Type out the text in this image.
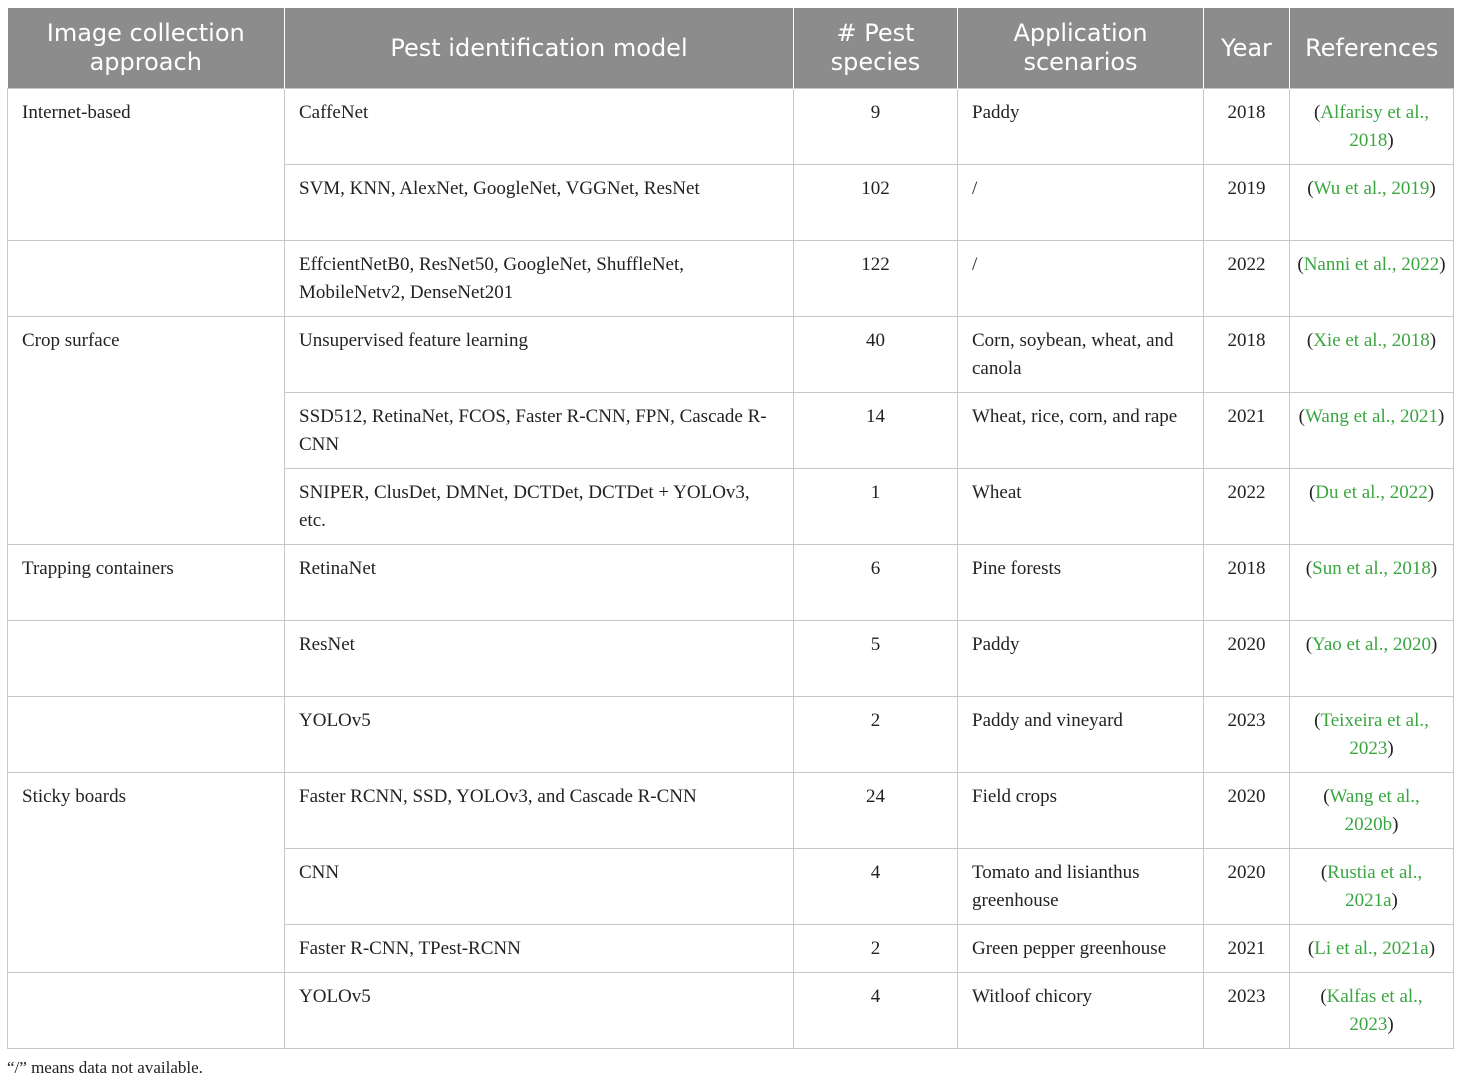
Image collection approach	Pest identification model	# Pest species	Application scenarios	Year	References
Internet-based	CaffeNet	9	Paddy	2018	(Alfarisy et al., 2018)
	SVM, KNN, AlexNet, GoogleNet, VGGNet, ResNet	102	/	2019	(Wu et al., 2019)
	EffcientNetB0, ResNet50, GoogleNet, ShuffleNet, MobileNetv2, DenseNet201	122	/	2022	(Nanni et al., 2022)
Crop surface	Unsupervised feature learning	40	Corn, soybean, wheat, and canola	2018	(Xie et al., 2018)
	SSD512, RetinaNet, FCOS, Faster R-CNN, FPN, Cascade R-CNN	14	Wheat, rice, corn, and rape	2021	(Wang et al., 2021)
	SNIPER, ClusDet, DMNet, DCTDet, DCTDet + YOLOv3, etc.	1	Wheat	2022	(Du et al., 2022)
Trapping containers	RetinaNet	6	Pine forests	2018	(Sun et al., 2018)
	ResNet	5	Paddy	2020	(Yao et al., 2020)
	YOLOv5	2	Paddy and vineyard	2023	(Teixeira et al., 2023)
Sticky boards	Faster RCNN, SSD, YOLOv3, and Cascade R-CNN	24	Field crops	2020	(Wang et al., 2020b)
	CNN	4	Tomato and lisianthus greenhouse	2020	(Rustia et al., 2021a)
	Faster R-CNN, TPest-RCNN	2	Green pepper greenhouse	2021	(Li et al., 2021a)
	YOLOv5	4	Witloof chicory	2023	(Kalfas et al., 2023)
“/” means data not available.
